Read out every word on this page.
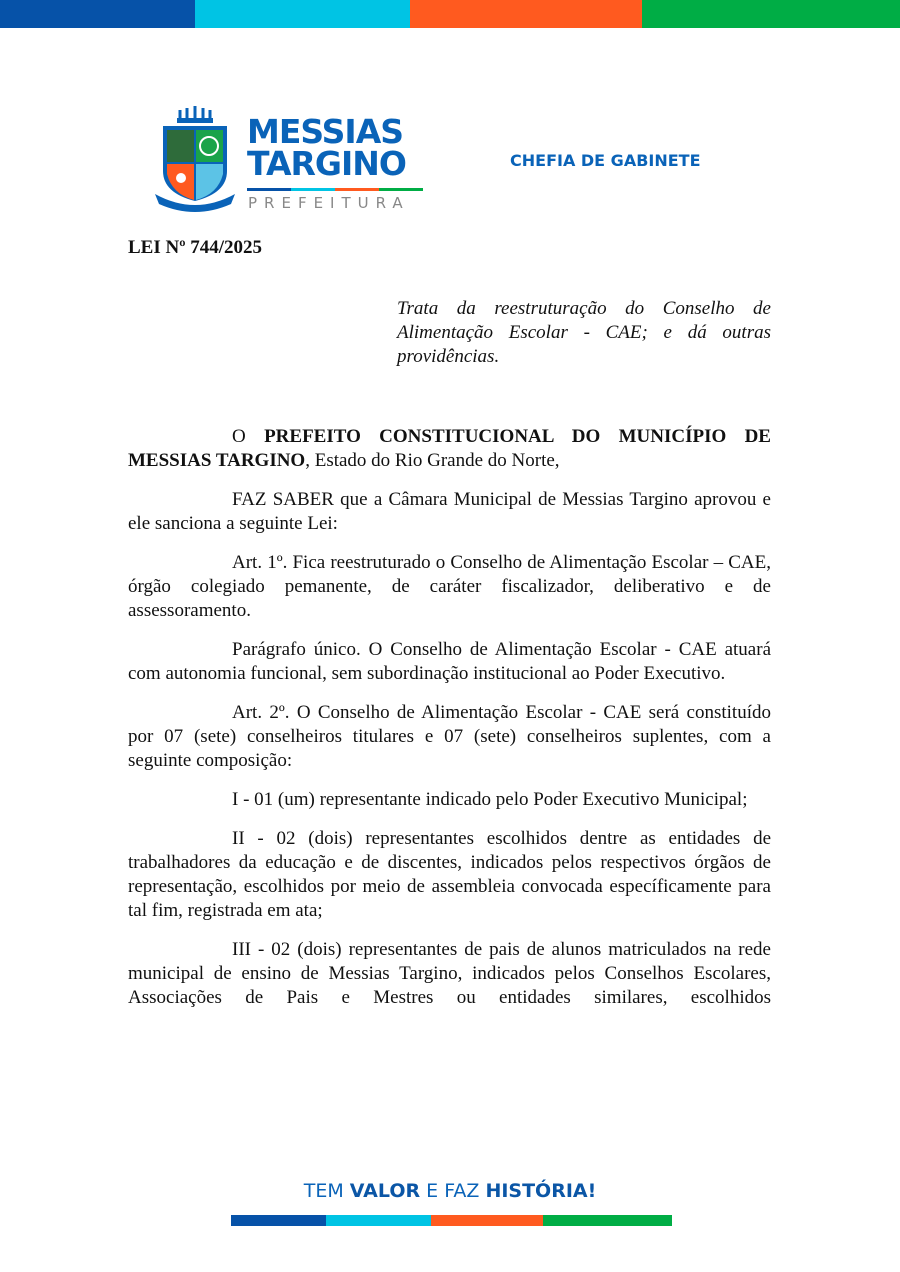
MESSIAS
TARGINO
PREFEITURA
CHEFIA DE GABINETE
LEI Nº 744/2025
Trata da reestruturação do Conselho de Alimentação Escolar - CAE; e dá outras providências.

O PREFEITO CONSTITUCIONAL DO MUNICÍPIO DE MESSIAS TARGINO, Estado do Rio Grande do Norte,

FAZ SABER que a Câmara Municipal de Messias Targino aprovou e ele sanciona a seguinte Lei:

Art. 1º. Fica reestruturado o Conselho de Alimentação Escolar – CAE, órgão colegiado pemanente, de caráter fiscalizador, deliberativo e de assessoramento.

Parágrafo único. O Conselho de Alimentação Escolar - CAE atuará com autonomia funcional, sem subordinação institucional ao Poder Executivo.

Art. 2º. O Conselho de Alimentação Escolar - CAE será constituído por 07 (sete) conselheiros titulares e 07 (sete) conselheiros suplentes, com a seguinte composição:

I - 01 (um) representante indicado pelo Poder Executivo Municipal;

II - 02 (dois) representantes escolhidos dentre as entidades de trabalhadores da educação e de discentes, indicados pelos respectivos órgãos de representação, escolhidos por meio de assembleia convocada específicamente para tal fim, registrada em ata;

III - 02 (dois) representantes de pais de alunos matriculados na rede municipal de ensino de Messias Targino, indicados pelos Conselhos Escolares, Associações de Pais e Mestres ou entidades similares, escolhidos

TEM VALOR E FAZ HISTÓRIA!
